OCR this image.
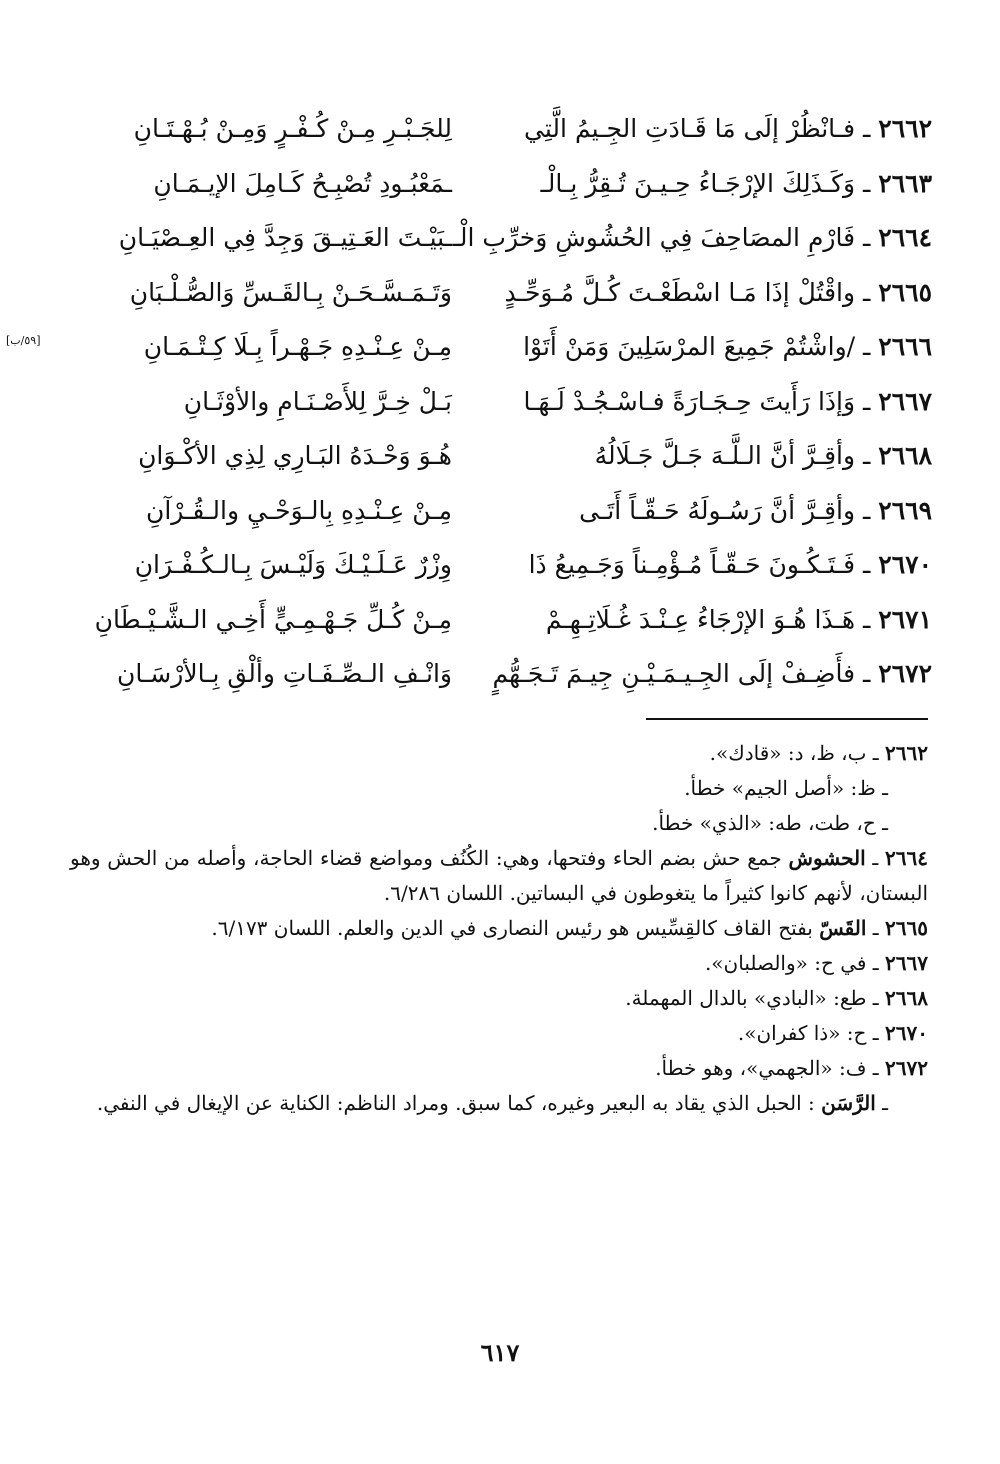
٢٦٦٢ ـ فـانْظُرْ إلَى مَا قَـادَتِ الجِـيمُ الَّتِي
لِلجَـبْـرِ مِـنْ كُـفْـرٍ وَمِـنْ بُـهْـتَـانِ
٢٦٦٣ ـ وَكَـذَلِكَ الإرْجَـاءُ حِـيـنَ تُـقِرُّ بِـالْـ
ـمَعْبُـودِ تُصْبِـحُ كَـامِلَ الإيـمَـانِ
٢٦٦٤ ـ فَارْمِ المصَاحِفَ فِي الحُشُوشِ وَخرِّبِ الْـ
ـبَيْـتَ العَـتِيـقَ وَجِدَّ فِي العِـصْيَـانِ
٢٦٦٥ ـ واقْتُلْ إذَا مَـا اسْطَعْـتَ كُـلَّ مُـوَحِّـدٍ
وَتَـمَـسَّـحَـنْ بِـالقَـسِّ وَالصُّـلْـبَانِ
٢٦٦٦ ـ /واشْتُمْ جَمِيعَ المرْسَلِينَ وَمَنْ أَتَوْا
مِـنْ عِـنْـدِهِ جَـهْـراً بِـلَا كِـتْـمَـانِ
[٥٩/ب]
٢٦٦٧ ـ وَإذَا رَأَيتَ حِـجَـارَةً فـاسْـجُـدْ لَـهَـا
بَـلْ خِـرَّ لِلأَصْـنَـامِ والأوْثَـانِ
٢٦٦٨ ـ وأقِـرَّ أنَّ الـلَّـهَ جَـلَّ جَـلَالُهُ
هُـوَ وَحْـدَهُ البَـارِي لِذِي الأكْـوَانِ
٢٦٦٩ ـ وأقِـرَّ أنَّ رَسُـولَهُ حَـقّـاً أَتَـى
مِـنْ عِـنْـدِهِ بِالـوَحْـيِ والـقُـرْآنِ
٢٦٧٠ ـ فَـتَـكُـونَ حَـقّـاً مُـؤْمِـناً وَجَـمِيعُ ذَا
وِزْرٌ عَـلَـيْـكَ وَلَيْـسَ بِـالـكُـفْـرَانِ
٢٦٧١ ـ هَـذَا هُـوَ الإرْجَاءُ عِـنْـدَ غُـلَاتِـهِـمْ
مِـنْ كُـلِّ جَـهْـمِـيٍّ أَخِـي الـشَّـيْـطَانِ
٢٦٧٢ ـ فأَضِـفْ إلَى الجِـيـمَـيْـنِ جِيـمَ تَـجَـهُّمٍ
وَانْـفِ الـصِّـفَـاتِ وألْقِ بِـالأرْسَـانِ

٢٦٦٢ ـ ب، ظ، د: «قادك».

ـ ظ: «أصل الجيم» خطأ.

ـ ح، طت، طه: «الذي» خطأ.

٢٦٦٤ ـ الحشوش جمع حش بضم الحاء وفتحها، وهي: الكُنُف ومواضع قضاء الحاجة، وأصله من الحش وهو البستان، لأنهم كانوا كثيراً ما يتغوطون في البساتين. اللسان ٦/٢٨٦.

٢٦٦٥ ـ القَسّ بفتح القاف كالقِسِّيس هو رئيس النصارى في الدين والعلم. اللسان ٦/١٧٣.

٢٦٦٧ ـ في ح: «والصلبان».

٢٦٦٨ ـ طع: «البادي» بالدال المهملة.

٢٦٧٠ ـ ح: «ذا كفران».

٢٦٧٢ ـ ف: «الجهمي»، وهو خطأ.

ـ الرَّسَن : الحبل الذي يقاد به البعير وغيره، كما سبق. ومراد الناظم: الكناية عن الإيغال في النفي.

٦١٧
